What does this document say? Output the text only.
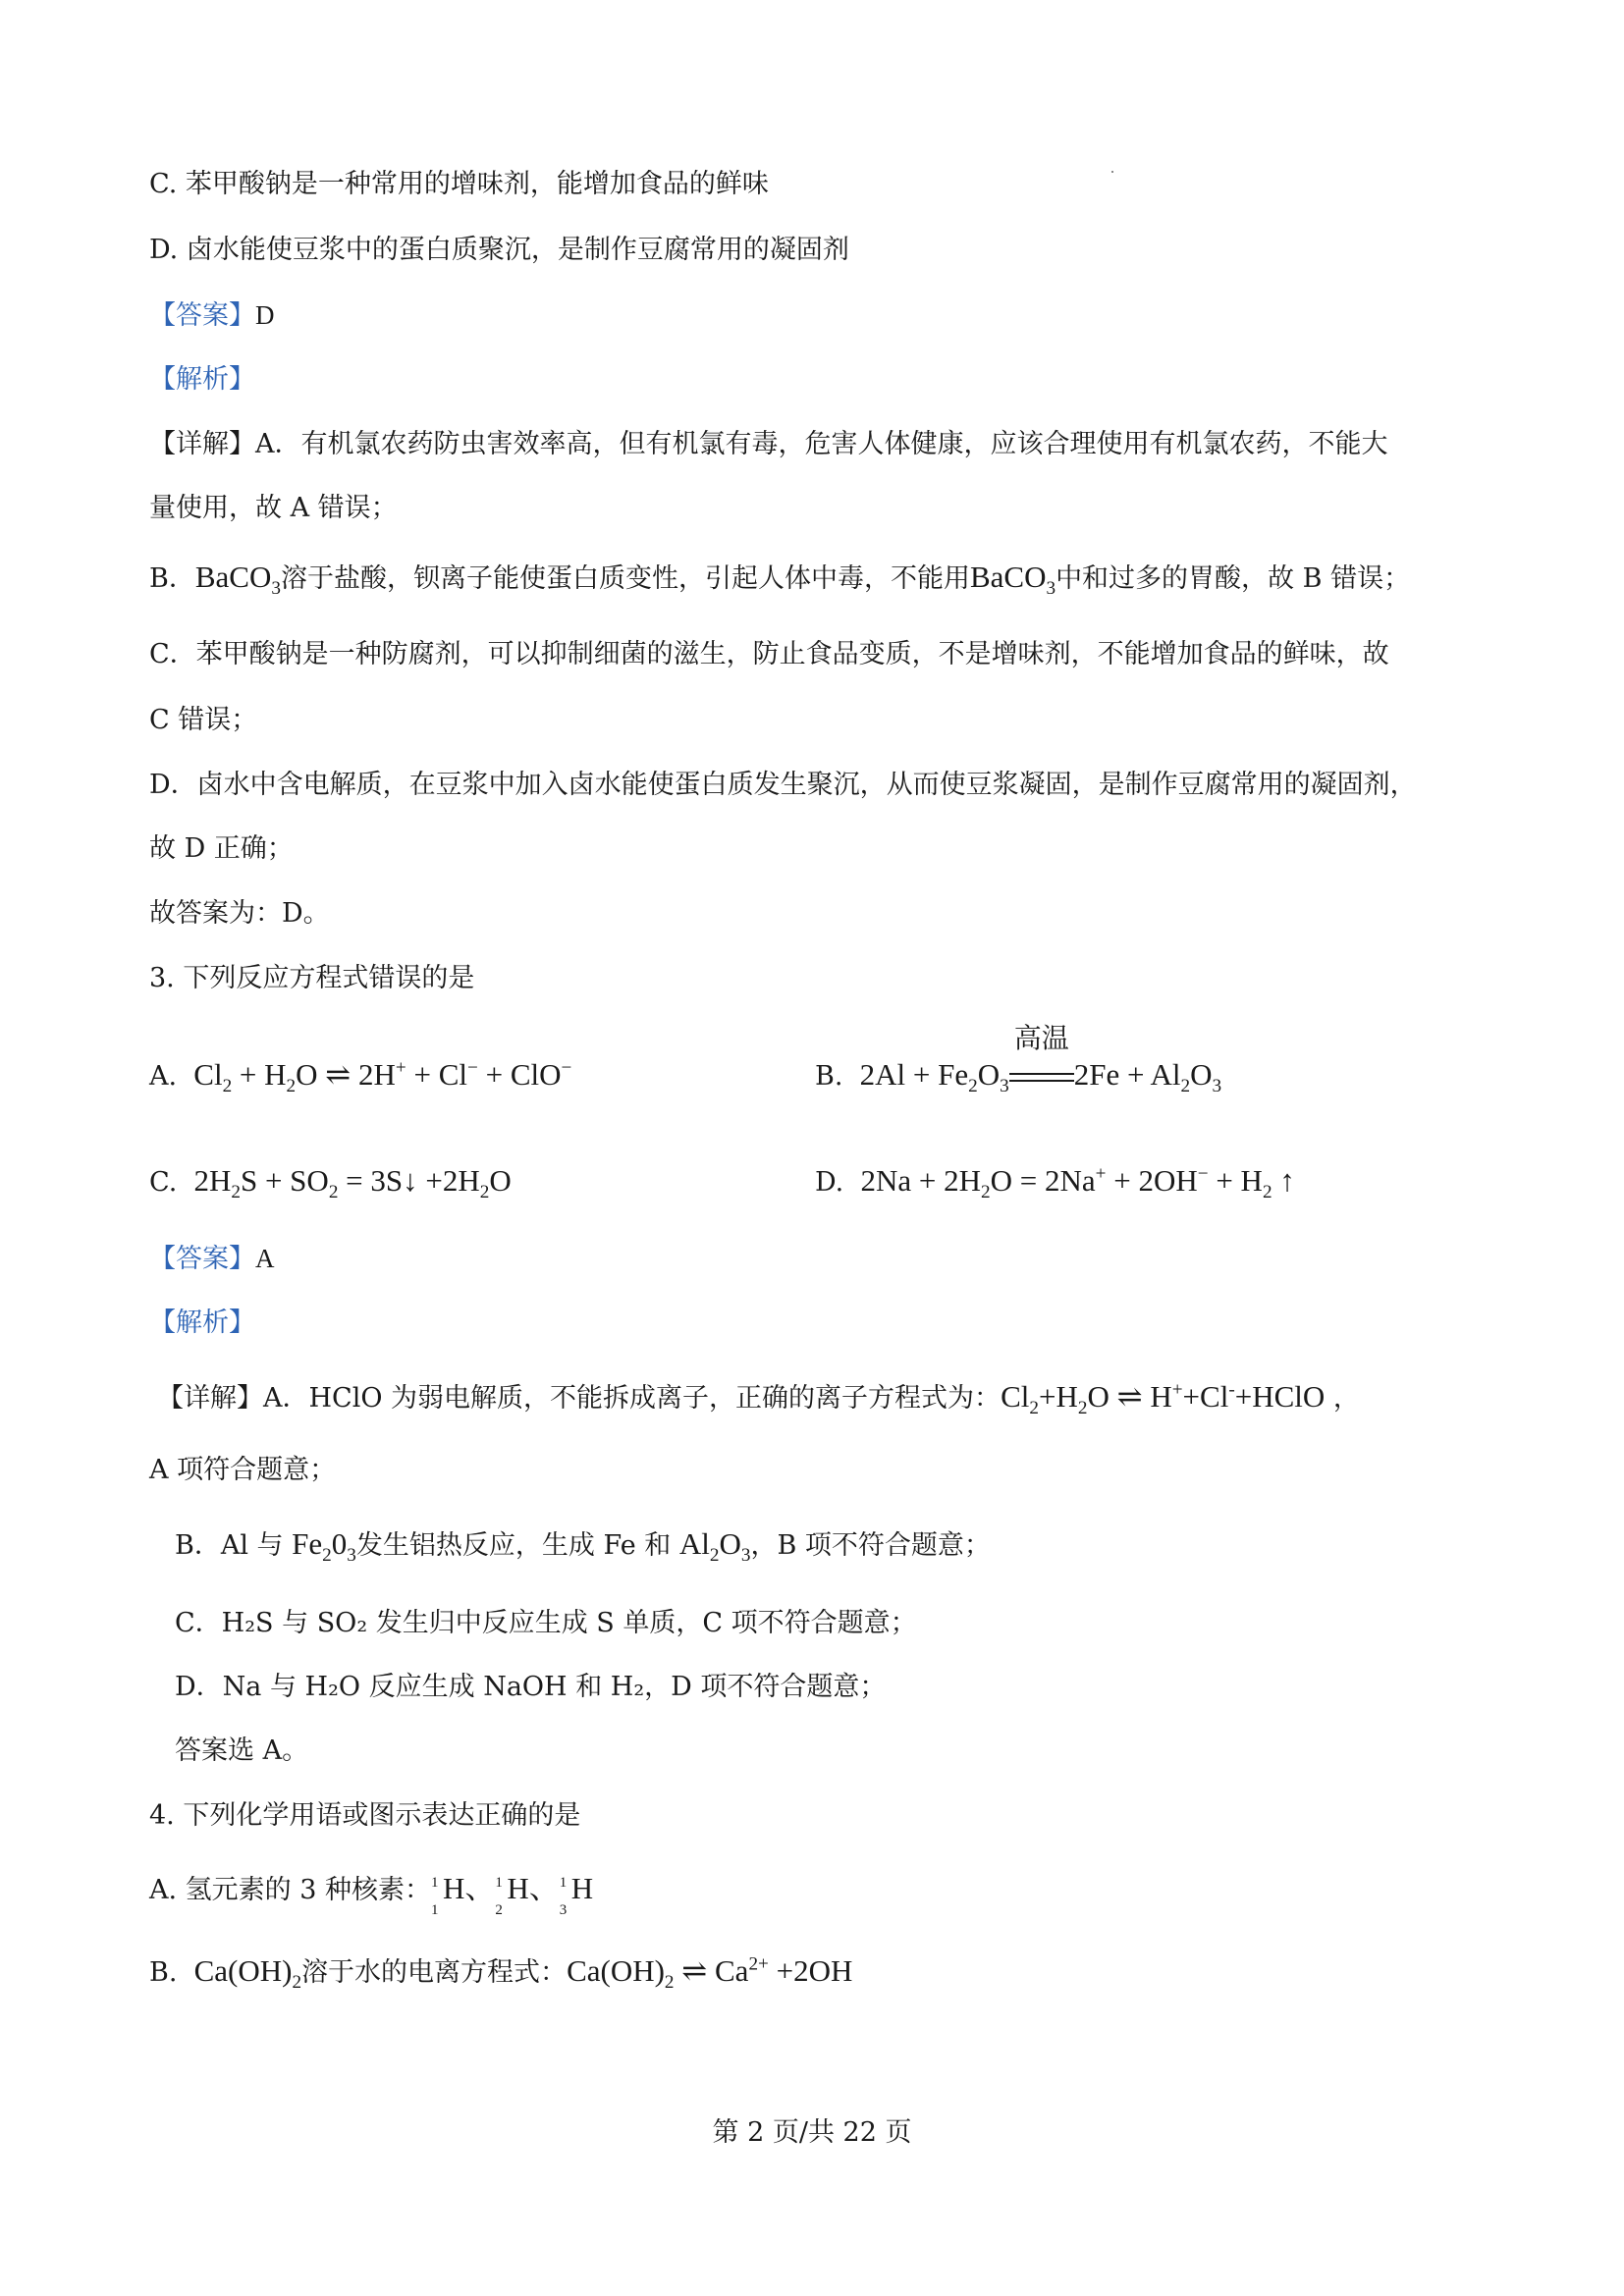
C. 苯甲酸钠是一种常用的增味剂，能增加食品的鲜味
D. 卤水能使豆浆中的蛋白质聚沉，是制作豆腐常用的凝固剂
【答案】D
【解析】
【详解】A．有机氯农药防虫害效率高，但有机氯有毒，危害人体健康，应该合理使用有机氯农药，不能大
量使用，故 A 错误；
B．BaCO$_3$溶于盐酸，钡离子能使蛋白质变性，引起人体中毒，不能用BaCO$_3$中和过多的胃酸，故 B 错误；
C．苯甲酸钠是一种防腐剂，可以抑制细菌的滋生，防止食品变质，不是增味剂，不能增加食品的鲜味，故
C 错误；
D．卤水中含电解质，在豆浆中加入卤水能使蛋白质发生聚沉，从而使豆浆凝固，是制作豆腐常用的凝固剂，
故 D 正确；
故答案为：D。
3. 下列反应方程式错误的是
A. $Cl_2 + H_2O$ ⇌ 2H+ + Cl− + ClO−	B. $2Al + Fe_2O_3$
高温
$2Fe + Al_2O_3$
C. $2H_2S + SO_2$ = 3S↓ $+2H_2O$	D. $2Na + 2H_2O = 2Na^+ + 2OH^- + H_2$ ↑
【答案】A
【解析】
【详解】A．HClO 为弱电解质，不能拆成离子，正确的离子方程式为：$Cl_2+H_2O$ ⇌ H++Cl-+HClO ，
A 项符合题意；
B．Al 与 $Fe_20_3$发生铝热反应，生成 Fe 和 $Al_2O_3$，B 项不符合题意；
C．H₂S 与 SO₂ 发生归中反应生成 S 单质，C 项不符合题意；
D．Na 与 H₂O 反应生成 NaOH 和 H₂，D 项不符合题意；
答案选 A。
4. 下列化学用语或图示表达正确的是
A. 氢元素的 3 种核素： 1
1
H、 1
2
H、 1
3
H
B.  $Ca(OH)_2$溶于水的电离方程式：$Ca(OH)_2$ ⇌ $Ca^{2+} +2OH$
第 2 页/共 22 页
